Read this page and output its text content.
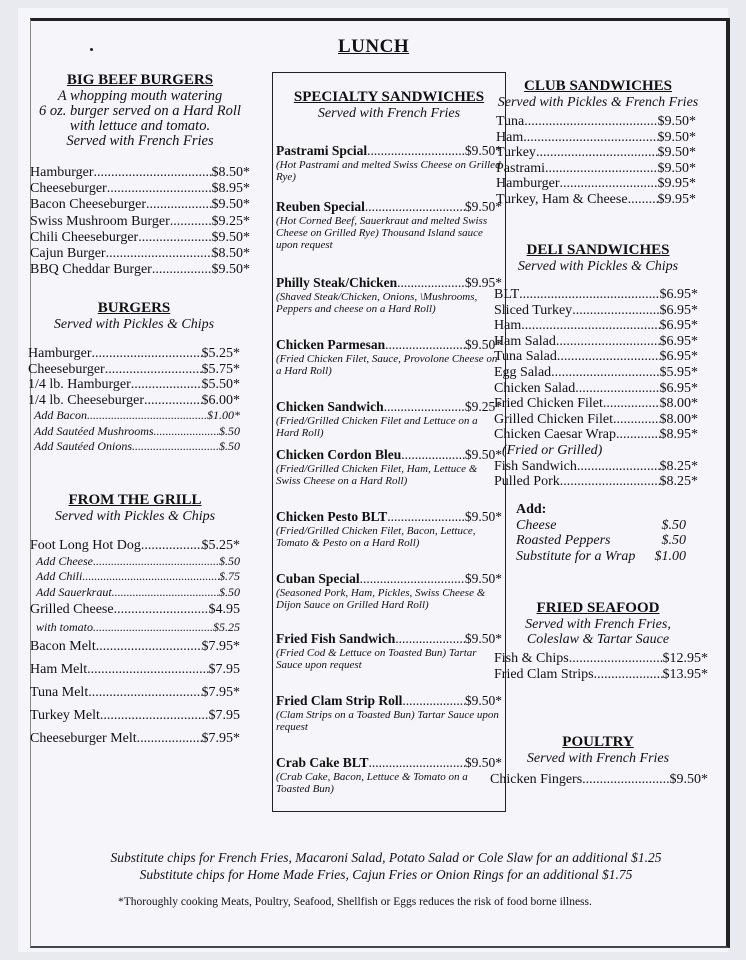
LUNCH
BIG BEEF BURGERS
A whopping mouth watering
6 oz. burger served on a Hard Roll
with lettuce and tomato.
Served with French Fries
Hamburger .....	$8.50*
Cheeseburger .....	$8.95*
Bacon Cheeseburger .....	$9.50*
Swiss Mushroom Burger .....	$9.25*
Chili Cheeseburger .....	$9.50*
Cajun Burger .....	$8.50*
BBQ Cheddar Burger .....	$9.50*
BURGERS
Served with Pickles & Chips
Hamburger .....	$5.25*
Cheeseburger .....	$5.75*
1/4 lb. Hamburger .....	$5.50*
1/4 lb. Cheeseburger .....	$6.00*
Add Bacon .....	$1.00*
Add Sautéed Mushrooms .....	$.50
Add Sautéed Onions .....	$.50
FROM THE GRILL
Served with Pickles & Chips
Foot Long Hot Dog .....	$5.25*
Add Cheese .....	$.50
Add Chili .....	$.75
Add Sauerkraut .....	$.50
Grilled Cheese .....	$4.95
with tomato .....	$5.25
Bacon Melt .....	$7.95*
Ham Melt .....	$7.95
Tuna Melt .....	$7.95*
Turkey Melt .....	$7.95
Cheeseburger Melt .....	$7.95*
SPECIALTY SANDWICHES
Served with French Fries
Pastrami Spcial .....	$9.50*
(Hot Pastrami and melted Swiss Cheese on Grilled Rye)
Reuben Special .....	$9.50*
(Hot Corned Beef, Sauerkraut and melted Swiss Cheese on Grilled Rye) Thousand Island sauce upon request
Philly Steak/Chicken .....	$9.95*
(Shaved Steak/Chicken, Onions, \Mushrooms, Peppers and cheese on a Hard Roll)
Chicken Parmesan .....	$9.50*
(Fried Chicken Filet, Sauce, Provolone Cheese on a Hard Roll)
Chicken Sandwich .....	$9.25*
(Fried/Grilled Chicken Filet and Lettuce on a Hard Roll)
Chicken Cordon Bleu .....	$9.50*
(Fried/Grilled Chicken Filet, Ham, Lettuce & Swiss Cheese on a Hard Roll)
Chicken Pesto BLT .....	$9.50*
(Fried/Grilled Chicken Filet, Bacon, Lettuce, Tomato & Pesto on a Hard Roll)
Cuban Special .....	$9.50*
(Seasoned Pork, Ham, Pickles, Swiss Cheese & Dijon Sauce on Grilled Hard Roll)
Fried Fish Sandwich .....	$9.50*
(Fried Cod & Lettuce on Toasted Bun) Tartar Sauce upon request
Fried Clam Strip Roll .....	$9.50*
(Clam Strips on a Toasted Bun) Tartar Sauce upon request
Crab Cake BLT .....	$9.50*
(Crab Cake, Bacon, Lettuce & Tomato on a Toasted Bun)
CLUB SANDWICHES
Served with Pickles & French Fries
Tuna .....	$9.50*
Ham .....	$9.50*
Turkey .....	$9.50*
Pastrami .....	$9.50*
Hamburger .....	$9.95*
Turkey, Ham & Cheese ..... $9.95*
DELI SANDWICHES
Served with Pickles & Chips
BLT .....	$6.95*
Sliced Turkey .....	$6.95*
Ham .....	$6.95*
Ham Salad .....	$6.95*
Tuna Salad .....	$6.95*
Egg Salad .....	$5.95*
Chicken Salad .....	$6.95*
Fried Chicken Filet .....	$8.00*
Grilled Chicken Filet .....	$8.00*
Chicken Caesar Wrap .....	$8.95*
(Fried or Grilled)
Fish Sandwich .....	$8.25*
Pulled Pork .....	$8.25*
Add:
Cheese	$.50
Roasted Peppers	$.50
Substitute for a Wrap	$1.00
FRIED SEAFOOD
Served with French Fries,
Coleslaw & Tartar Sauce
Fish & Chips .....	$12.95*
Fried Clam Strips .....	$13.95*
POULTRY
Served with French Fries
Chicken Fingers .....	$9.50*
Substitute chips for French Fries, Macaroni Salad, Potato Salad or Cole Slaw for an additional $1.25
Substitute chips for Home Made Fries, Cajun Fries or Onion Rings for an additional $1.75
*Thoroughly cooking Meats, Poultry, Seafood, Shellfish or Eggs reduces the risk of food borne illness.
